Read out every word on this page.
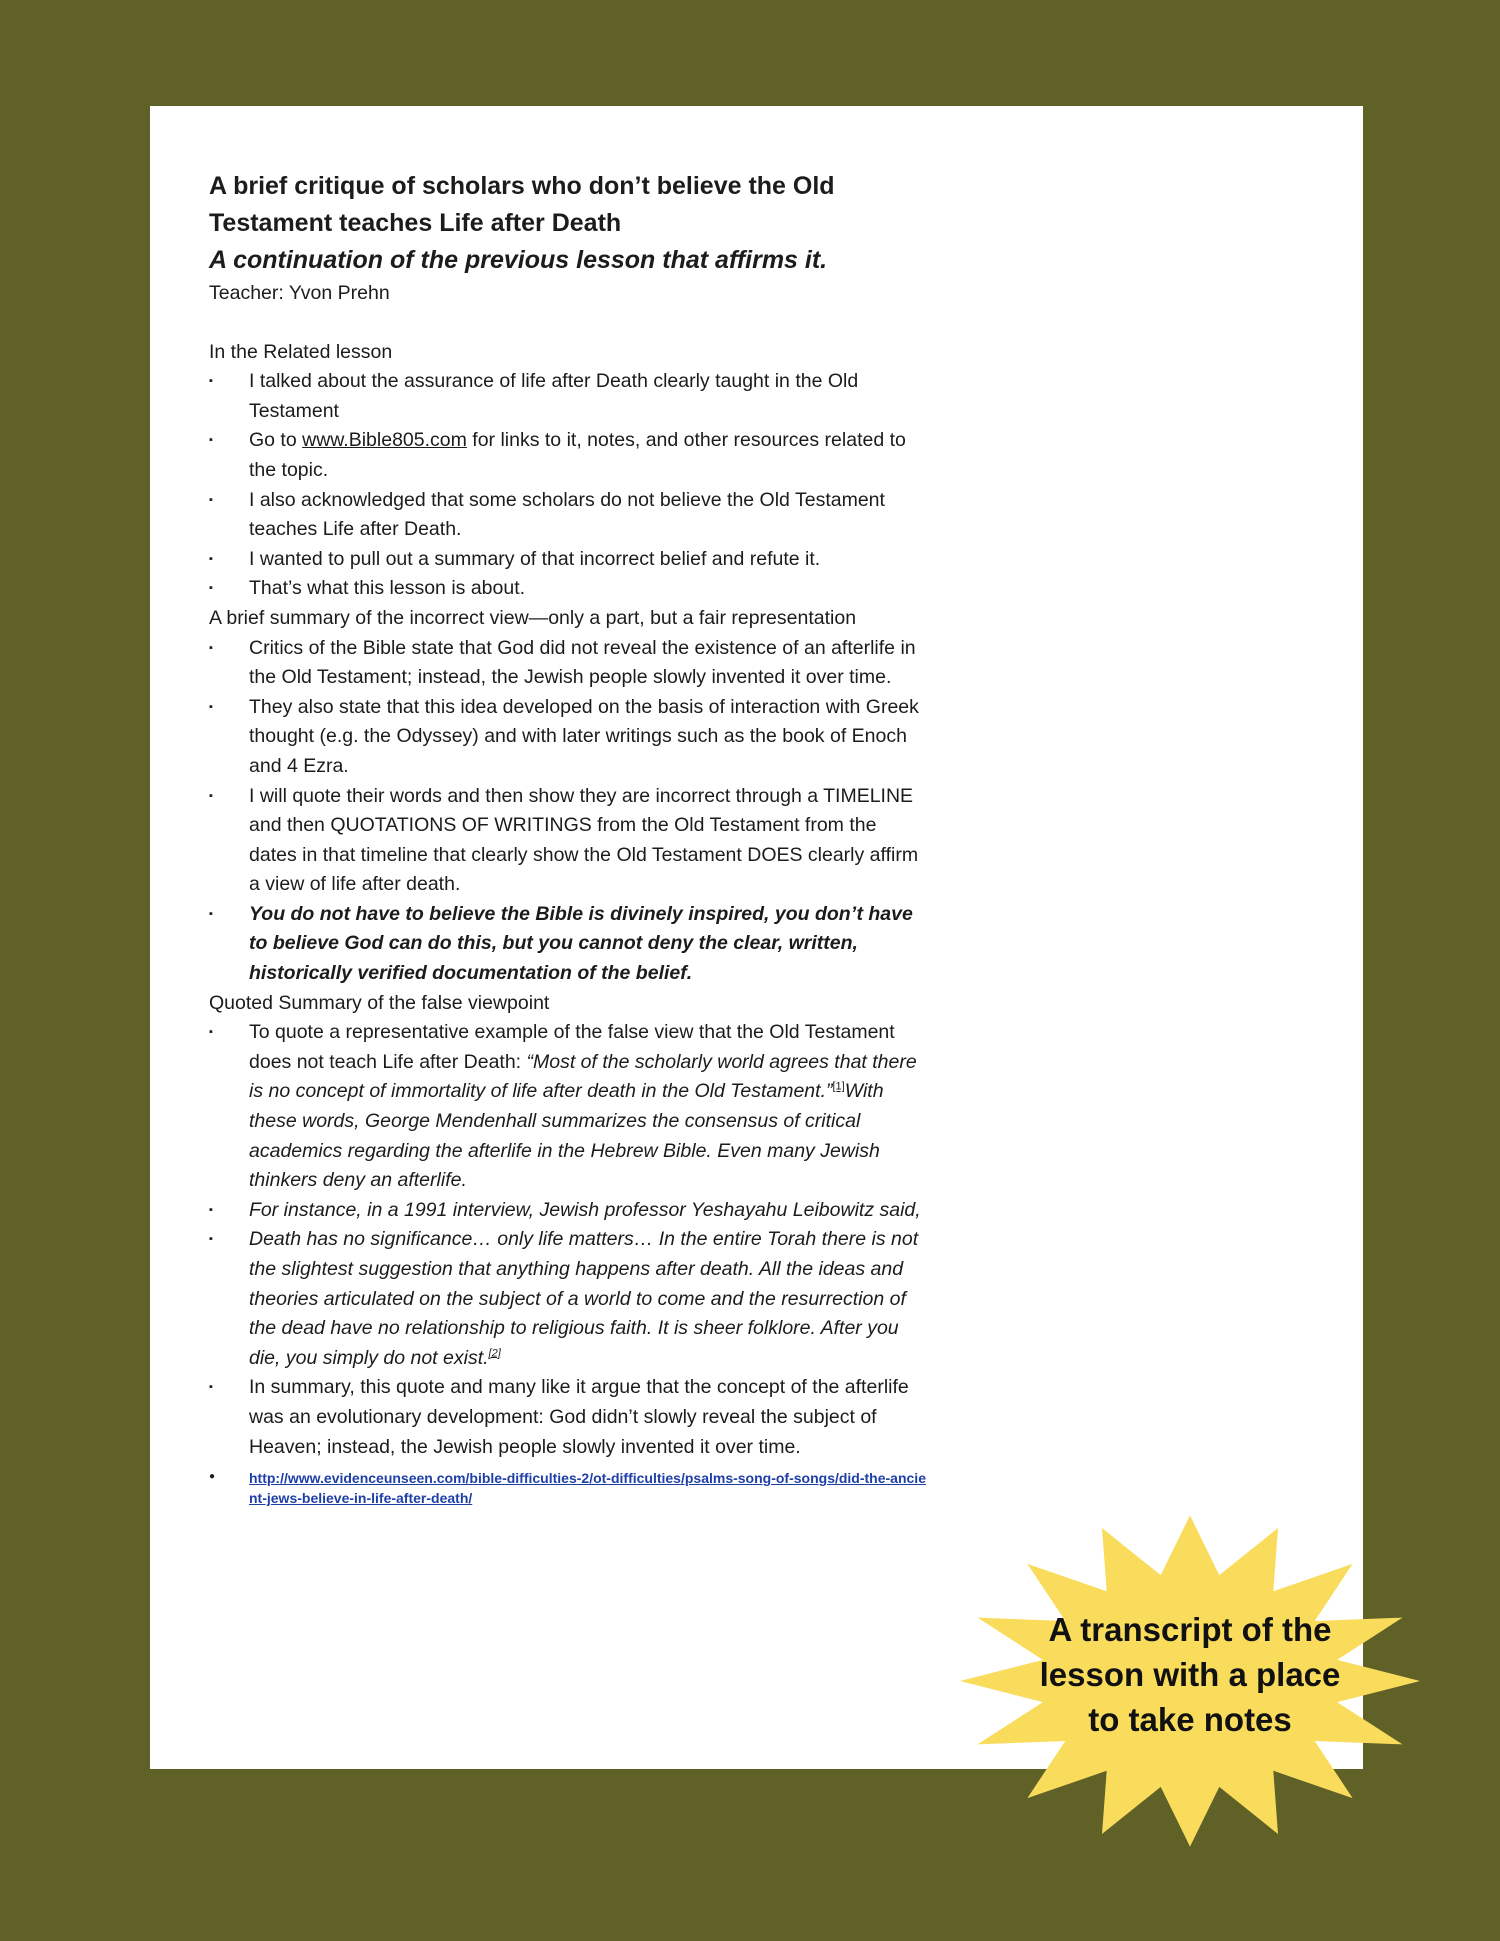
A brief critique of scholars who don’t believe the Old
Testament teaches Life after Death

A continuation of the previous lesson that affirms it.

Teacher: Yvon Prehn

In the Related lesson

▪ I talked about the assurance of life after Death clearly taught in the Old Testament
▪ Go to www.Bible805.com for links to it, notes, and other resources related to the topic.
▪ I also acknowledged that some scholars do not believe the Old Testament teaches Life after Death.
▪ I wanted to pull out a summary of that incorrect belief and refute it.
▪ That’s what this lesson is about.

A brief summary of the incorrect view—only a part, but a fair representation

▪ Critics of the Bible state that God did not reveal the existence of an afterlife in the Old Testament; instead, the Jewish people slowly invented it over time.
▪ They also state that this idea developed on the basis of interaction with Greek thought (e.g. the Odyssey) and with later writings such as the book of Enoch and 4 Ezra.
▪ I will quote their words and then show they are incorrect through a TIMELINE and then QUOTATIONS OF WRITINGS from the Old Testament from the dates in that timeline that clearly show the Old Testament DOES clearly affirm a view of life after death.
▪ You do not have to believe the Bible is divinely inspired, you don’t have to believe God can do this, but you cannot deny the clear, written, historically verified documentation of the belief.

Quoted Summary of the false viewpoint

▪ To quote a representative example of the false view that the Old Testament does not teach Life after Death: “Most of the scholarly world agrees that there is no concept of immortality of life after death in the Old Testament.”[1]With these words, George Mendenhall summarizes the consensus of critical academics regarding the afterlife in the Hebrew Bible. Even many Jewish thinkers deny an afterlife.
▪ For instance, in a 1991 interview, Jewish professor Yeshayahu Leibowitz said,
▪ Death has no significance… only life matters… In the entire Torah there is not the slightest suggestion that anything happens after death. All the ideas and theories articulated on the subject of a world to come and the resurrection of the dead have no relationship to religious faith. It is sheer folklore. After you die, you simply do not exist.[2]
▪ In summary, this quote and many like it argue that the concept of the afterlife was an evolutionary development: God didn’t slowly reveal the subject of Heaven; instead, the Jewish people slowly invented it over time.
● http://www.evidenceunseen.com/bible-difficulties-2/ot-difficulties/psalms-song-of-songs/did-the-ancient-jews-believe-in-life-after-death/
A transcript of the
lesson with a place
to take notes
